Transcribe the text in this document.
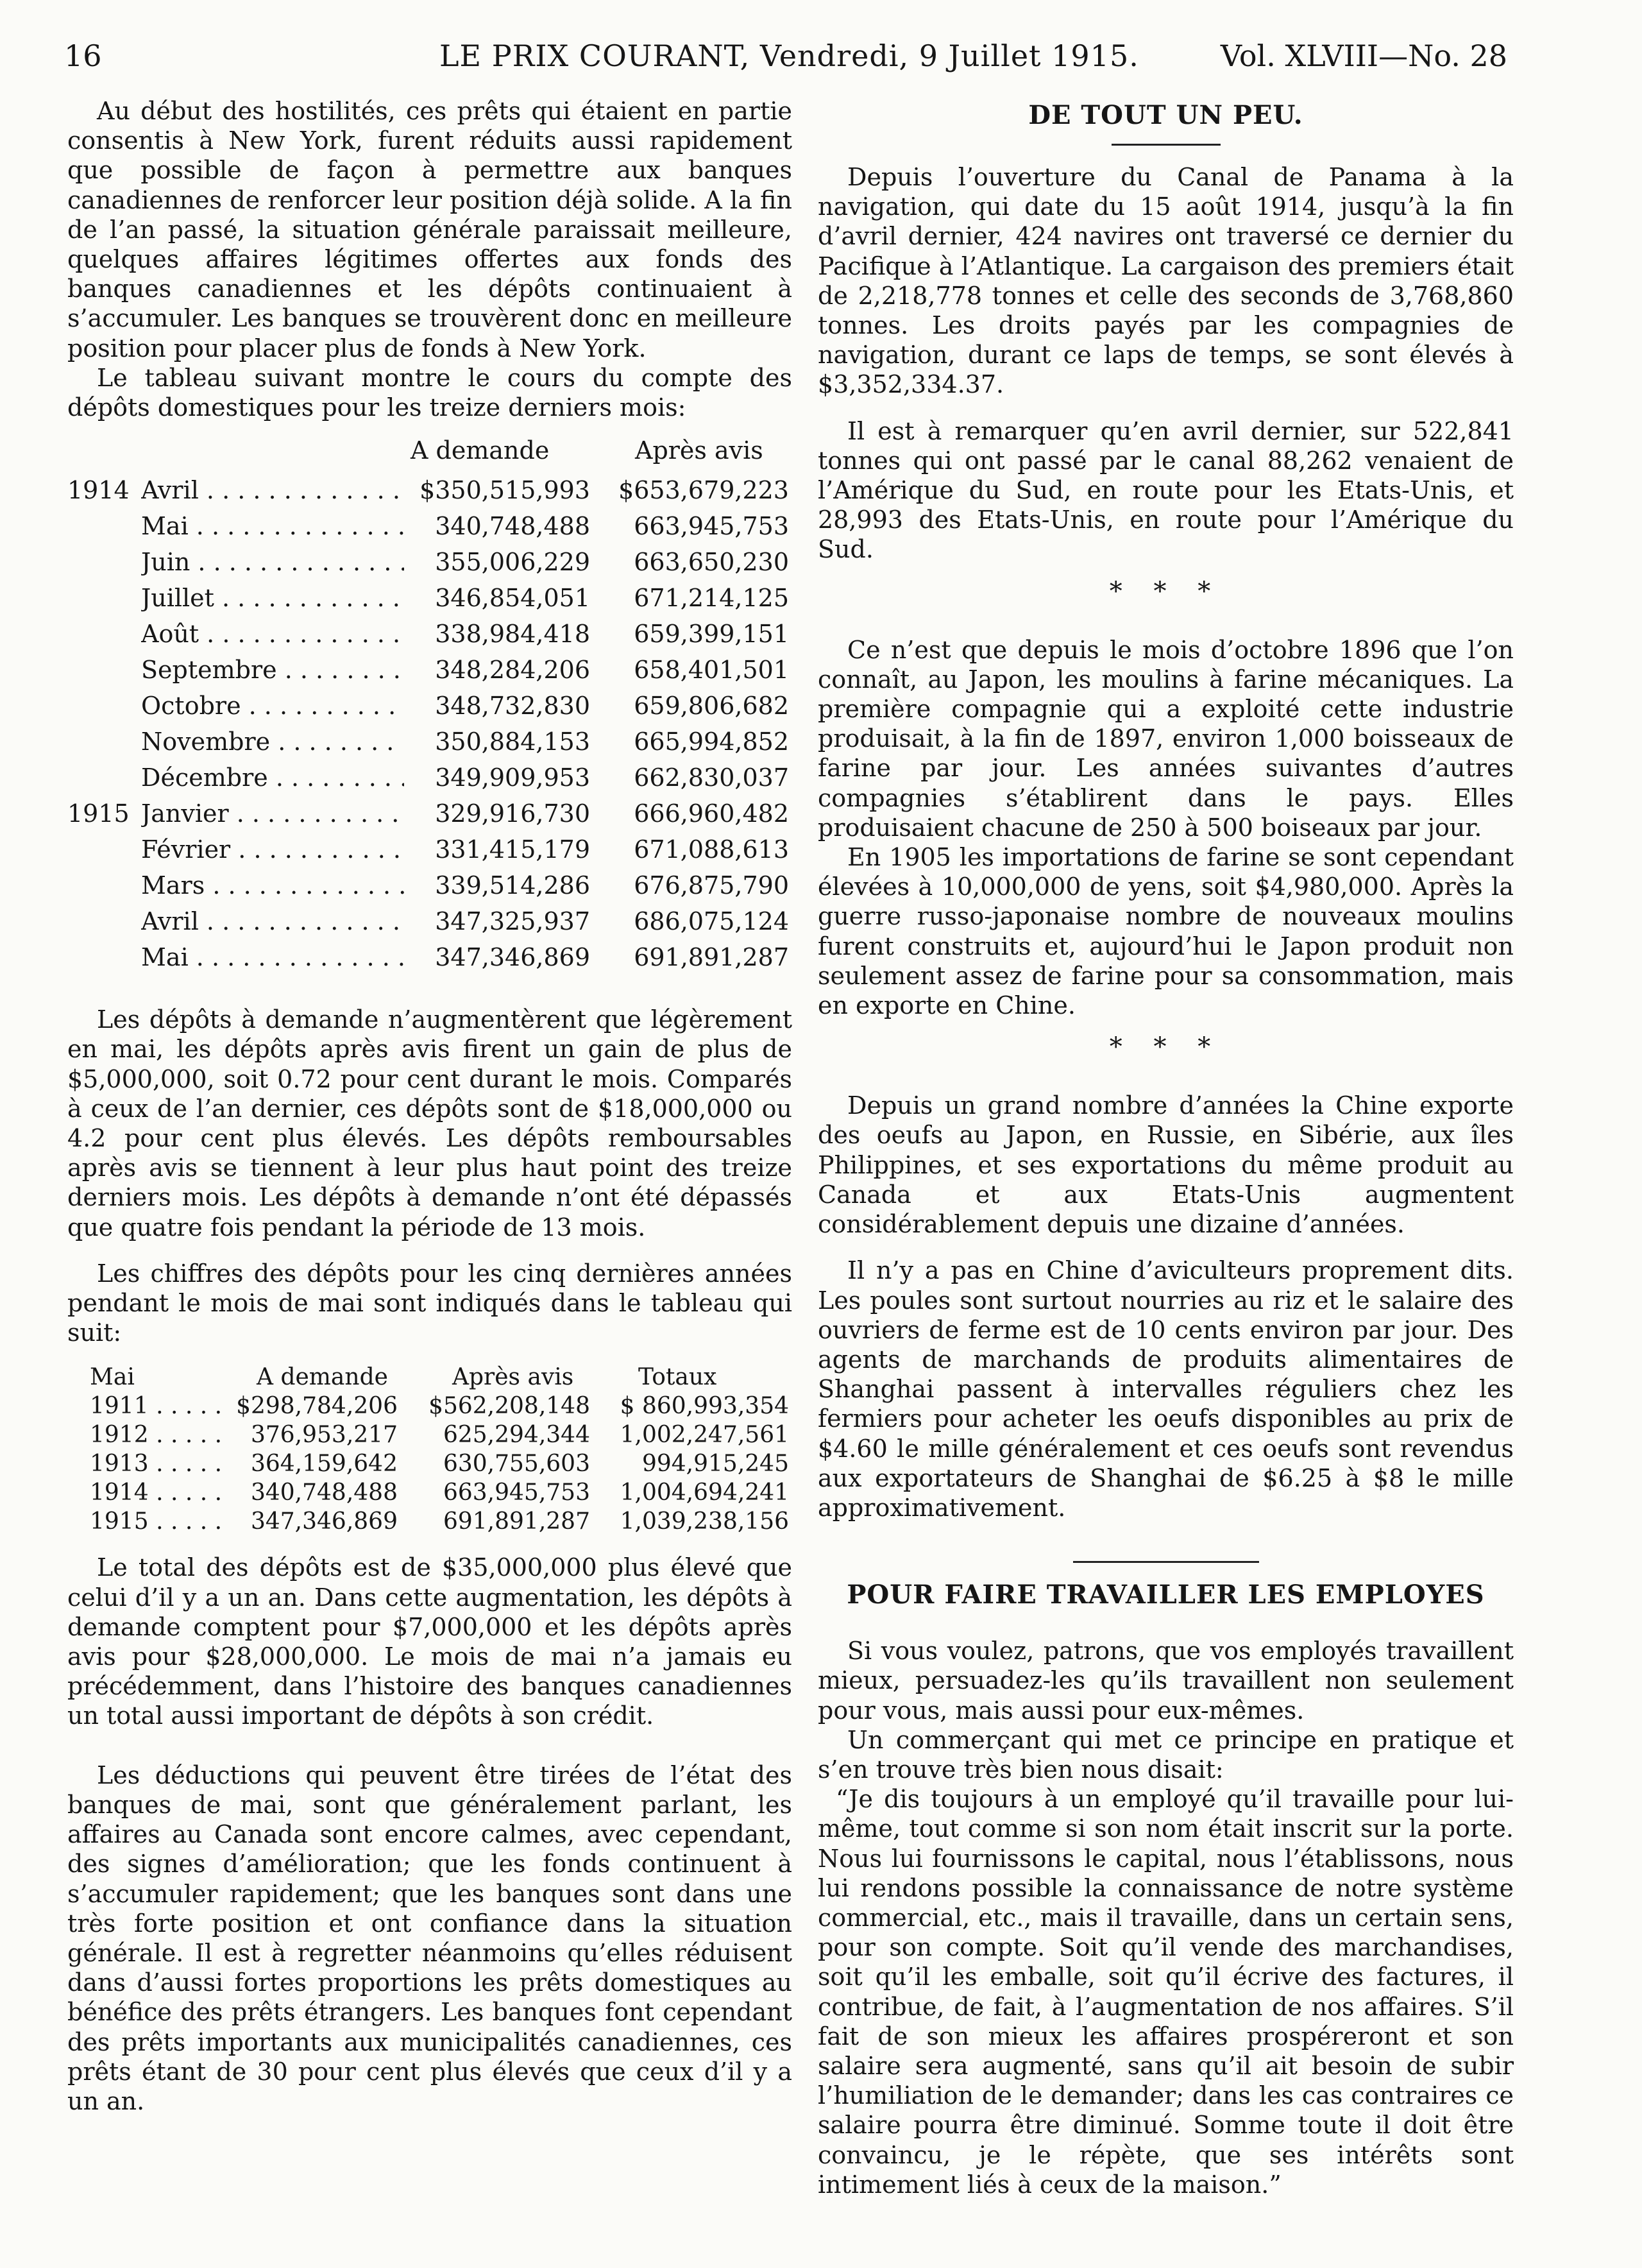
16	LE PRIX COURANT, Vendredi, 9 Juillet 1915.	Vol. XLVIII—No. 28

Au début des hostilités, ces prêts qui étaient en partie consentis à New York, furent réduits aussi rapidement que possible de façon à permettre aux banques canadiennes de renforcer leur position déjà solide. A la fin de l’an passé, la situation générale paraissait meilleure, quelques affaires légitimes offertes aux fonds des banques canadiennes et les dépôts continuaient à s’accumuler. Les banques se trouvèrent donc en meilleure position pour placer plus de fonds à New York.

Le tableau suivant montre le cours du compte des dépôts domestiques pour les treize derniers mois:

A demande	Après avis
1914 Avril . . .	$350,515,993 $653,679,223
Mai . . .	340,748,488 663,945,753
Juin . . .	355,006,229 663,650,230
Juillet . . .	346,854,051 671,214,125
Août . . .	338,984,418 659,399,151
Septembre . . .	348,284,206 658,401,501
Octobre . . .	348,732,830 659,806,682
Novembre . . .	350,884,153 665,994,852
Décembre . . .	349,909,953 662,830,037
1915 Janvier . . .	329,916,730 666,960,482
Février . . .	331,415,179 671,088,613
Mars . . .	339,514,286 676,875,790
Avril . . .	347,325,937 686,075,124
Mai . . .	347,346,869 691,891,287

Les dépôts à demande n’augmentèrent que légèrement en mai, les dépôts après avis firent un gain de plus de $5,000,000, soit 0.72 pour cent durant le mois. Comparés à ceux de l’an dernier, ces dépôts sont de $18,000,000 ou 4.2 pour cent plus élevés. Les dépôts remboursables après avis se tiennent à leur plus haut point des treize derniers mois. Les dépôts à demande n’ont été dépassés que quatre fois pendant la période de 13 mois.

Les chiffres des dépôts pour les cinq dernières années pendant le mois de mai sont indiqués dans le tableau qui suit:

Mai	A demande	Après avis	Totaux
1911 . . .	$298,784,206 $562,208,148 $ 860,993,354
1912 . . .	376,953,217 625,294,344 1,002,247,561
1913 . . .	364,159,642 630,755,603 994,915,245
1914 . . .	340,748,488 663,945,753 1,004,694,241
1915 . . .	347,346,869 691,891,287 1,039,238,156

Le total des dépôts est de $35,000,000 plus élevé que celui d’il y a un an. Dans cette augmentation, les dépôts à demande comptent pour $7,000,000 et les dépôts après avis pour $28,000,000. Le mois de mai n’a jamais eu précédemment, dans l’histoire des banques canadiennes un total aussi important de dépôts à son crédit.

Les déductions qui peuvent être tirées de l’état des banques de mai, sont que généralement parlant, les affaires au Canada sont encore calmes, avec cependant, des signes d’amélioration; que les fonds continuent à s’accumuler rapidement; que les banques sont dans une très forte position et ont confiance dans la situation générale. Il est à regretter néanmoins qu’elles réduisent dans d’aussi fortes proportions les prêts domestiques au bénéfice des prêts étrangers. Les banques font cependant des prêts importants aux municipalités canadiennes, ces prêts étant de 30 pour cent plus élevés que ceux d’il y a un an.

DE TOUT UN PEU.

Depuis l’ouverture du Canal de Panama à la navigation, qui date du 15 août 1914, jusqu’à la fin d’avril dernier, 424 navires ont traversé ce dernier du Pacifique à l’Atlantique. La cargaison des premiers était de 2,218,778 tonnes et celle des seconds de 3,768,860 tonnes. Les droits payés par les compagnies de navigation, durant ce laps de temps, se sont élevés à $3,352,334.37.

Il est à remarquer qu’en avril dernier, sur 522,841 tonnes qui ont passé par le canal 88,262 venaient de l’Amérique du Sud, en route pour les Etats-Unis, et 28,993 des Etats-Unis, en route pour l’Amérique du Sud.

* * *

Ce n’est que depuis le mois d’octobre 1896 que l’on connaît, au Japon, les moulins à farine mécaniques. La première compagnie qui a exploité cette industrie produisait, à la fin de 1897, environ 1,000 boisseaux de farine par jour. Les années suivantes d’autres compagnies s’établirent dans le pays. Elles produisaient chacune de 250 à 500 boiseaux par jour.

En 1905 les importations de farine se sont cependant élevées à 10,000,000 de yens, soit $4,980,000. Après la guerre russo-japonaise nombre de nouveaux moulins furent construits et, aujourd’hui le Japon produit non seulement assez de farine pour sa consommation, mais en exporte en Chine.

* * *

Depuis un grand nombre d’années la Chine exporte des oeufs au Japon, en Russie, en Sibérie, aux îles Philippines, et ses exportations du même produit au Canada et aux Etats-Unis augmentent considérablement depuis une dizaine d’années.

Il n’y a pas en Chine d’aviculteurs proprement dits. Les poules sont surtout nourries au riz et le salaire des ouvriers de ferme est de 10 cents environ par jour. Des agents de marchands de produits alimentaires de Shanghai passent à intervalles réguliers chez les fermiers pour acheter les oeufs disponibles au prix de $4.60 le mille généralement et ces oeufs sont revendus aux exportateurs de Shanghai de $6.25 à $8 le mille approximativement.

POUR FAIRE TRAVAILLER LES EMPLOYES

Si vous voulez, patrons, que vos employés travaillent mieux, persuadez-les qu’ils travaillent non seulement pour vous, mais aussi pour eux-mêmes.

Un commerçant qui met ce principe en pratique et s’en trouve très bien nous disait:

“Je dis toujours à un employé qu’il travaille pour lui-même, tout comme si son nom était inscrit sur la porte. Nous lui fournissons le capital, nous l’établissons, nous lui rendons possible la connaissance de notre système commercial, etc., mais il travaille, dans un certain sens, pour son compte. Soit qu’il vende des marchandises, soit qu’il les emballe, soit qu’il écrive des factures, il contribue, de fait, à l’augmentation de nos affaires. S’il fait de son mieux les affaires prospéreront et son salaire sera augmenté, sans qu’il ait besoin de subir l’humiliation de le demander; dans les cas contraires ce salaire pourra être diminué. Somme toute il doit être convaincu, je le répète, que ses intérêts sont intimement liés à ceux de la maison.”
